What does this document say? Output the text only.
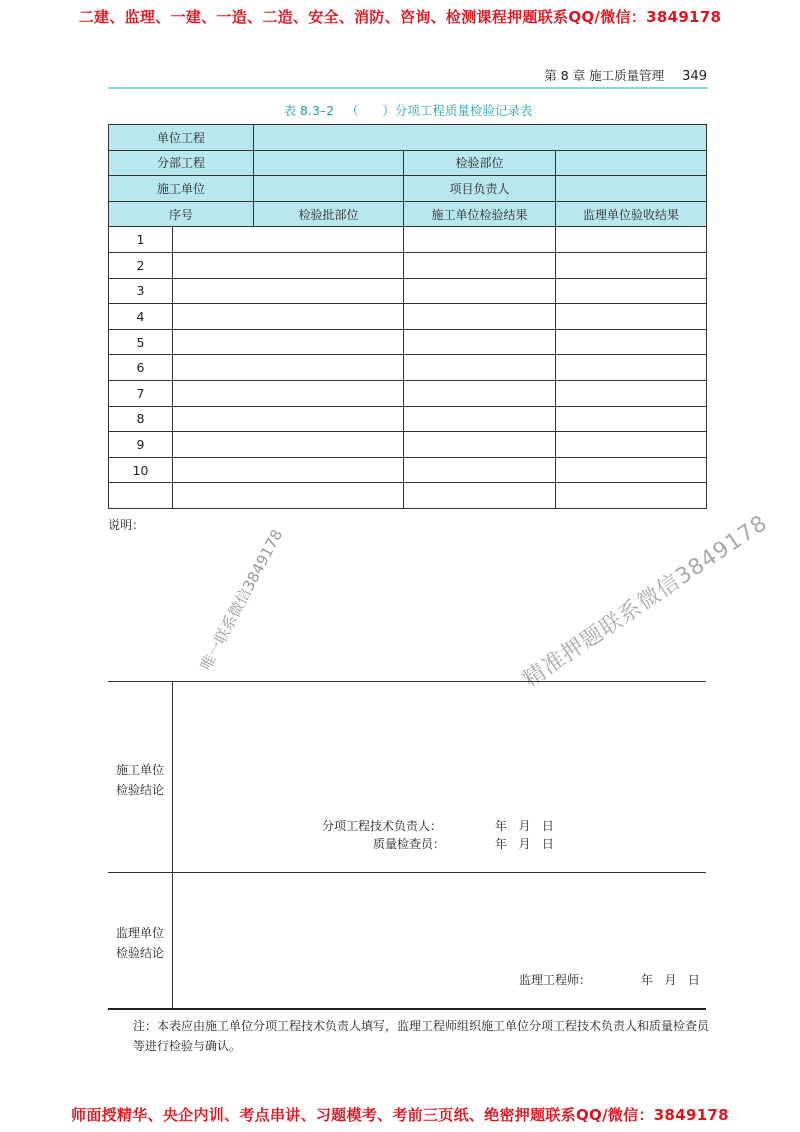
二建、监理、一建、一造、二造、安全、消防、咨询、检测课程押题联系QQ/微信：3849178
第 8 章 施工质量管理 349
表 8.3–2   （      ）分项工程质量检验记录表
单位工程				
分部工程			检验部位	
施工单位			项目负责人	
序号		检验批部位	施工单位检验结果	监理单位验收结果
1				
2				
3				
4				
5				
6				
7				
8				
9				
10				

说明：
唯一联系微信3849178	精准押题联系微信3849178
施工单位
检验结论
分项工程技术负责人：	年   月   日
质量检查员：	年   月   日
监理单位
检验结论
监理工程师：	年   月   日
注：本表应由施工单位分项工程技术负责人填写，监理工程师组织施工单位分项工程技术负责人和质量检查员等进行检验与确认。
师面授精华、央企内训、考点串讲、习题模考、考前三页纸、绝密押题联系QQ/微信：3849178
